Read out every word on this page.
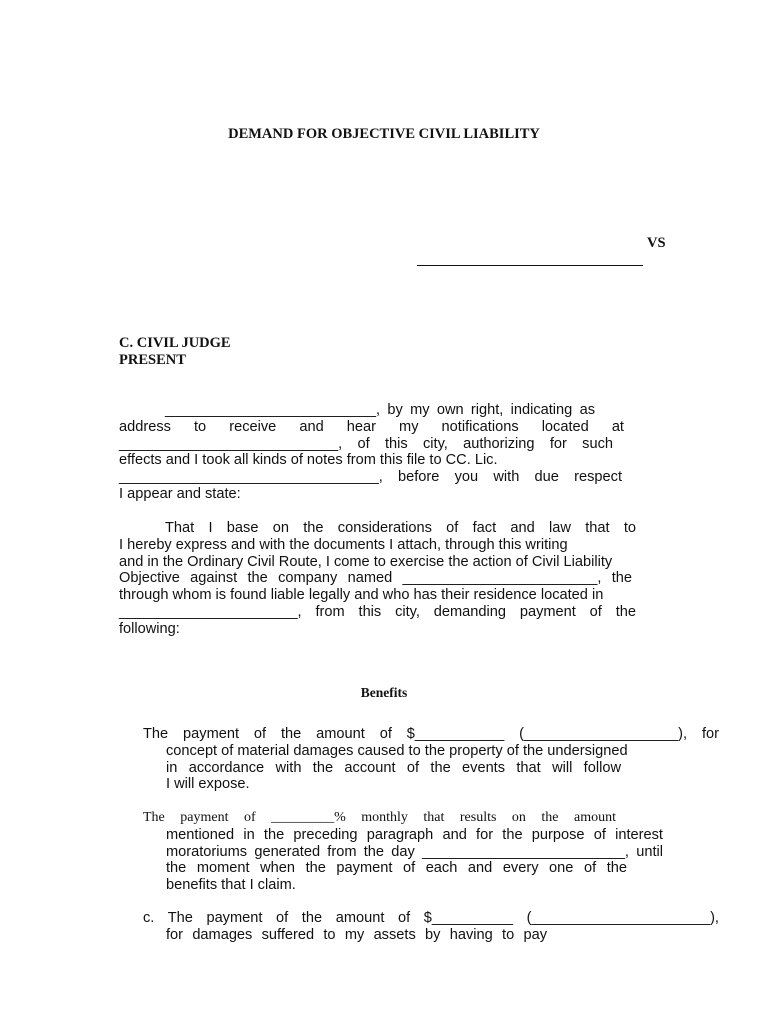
DEMAND FOR OBJECTIVE CIVIL LIABILITY
VS
C. CIVIL JUDGE
PRESENT
__________________________, by my own right, indicating as
address to receive and hear my notifications located at
___________________________, of this city, authorizing for such
effects and I took all kinds of notes from this file to CC. Lic.
________________________________, before you with due respect
I appear and state:
That I base on the considerations of fact and law that to
I hereby express and with the documents I attach, through this writing
and in the Ordinary Civil Route, I come to exercise the action of Civil Liability
Objective against the company named ________________________, the
through whom is found liable legally and who has their residence located in
______________________, from this city, demanding payment of the
following:
Benefits
The payment of the amount of $___________ (___________________), for
concept of material damages caused to the property of the undersigned
in accordance with the account of the events that will follow
I will expose.
The payment of _________% monthly that results on the amount
mentioned in the preceding paragraph and for the purpose of interest
moratoriums generated from the day _________________________, until
the moment when the payment of each and every one of the
benefits that I claim.
c. The payment of the amount of $__________ (______________________),
for damages suffered to my assets by having to pay
